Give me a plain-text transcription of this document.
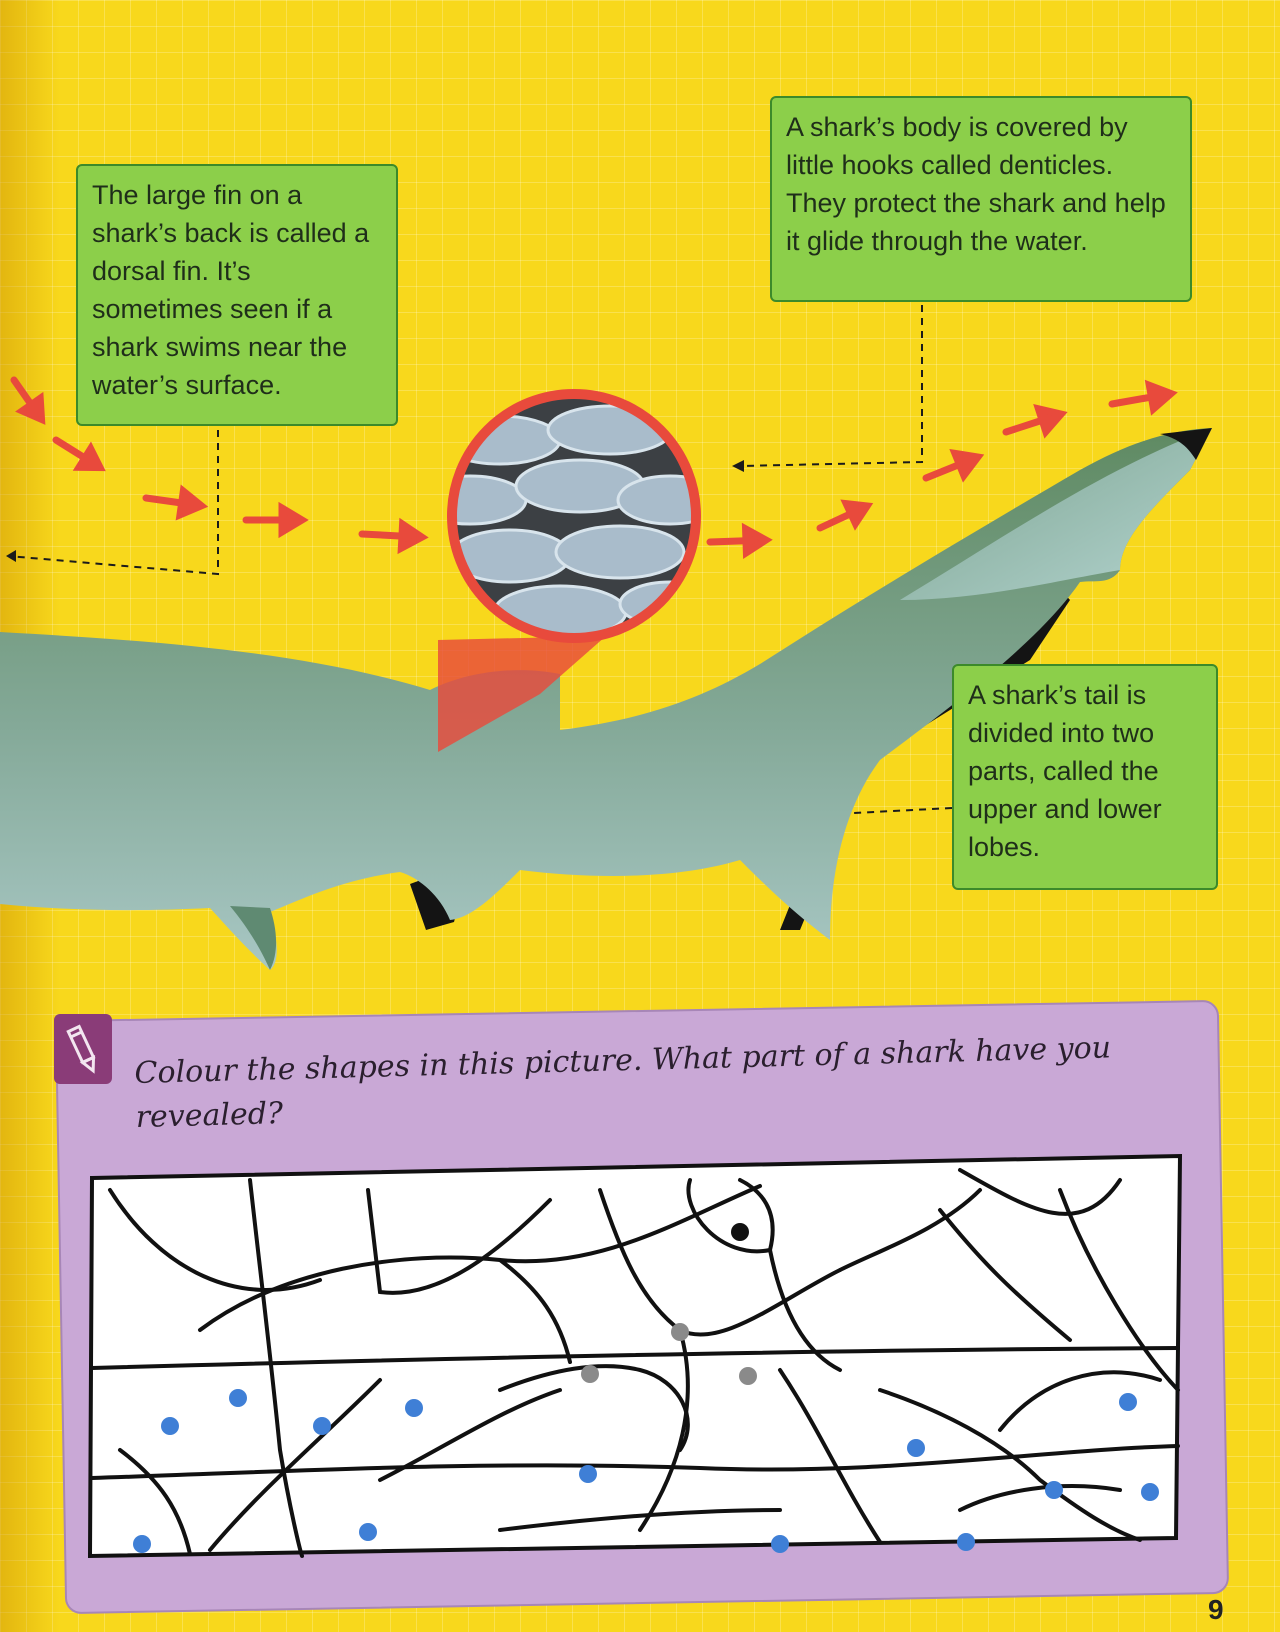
The large fin on a shark’s back is called a dorsal fin. It’s sometimes seen if a shark swims near the water’s surface.
A shark’s body is covered by little hooks called denticles. They protect the shark and help it glide through the water.
A shark’s tail is divided into two parts, called the upper and lower lobes.
Colour the shapes in this picture. What part of a shark have you revealed?
9
